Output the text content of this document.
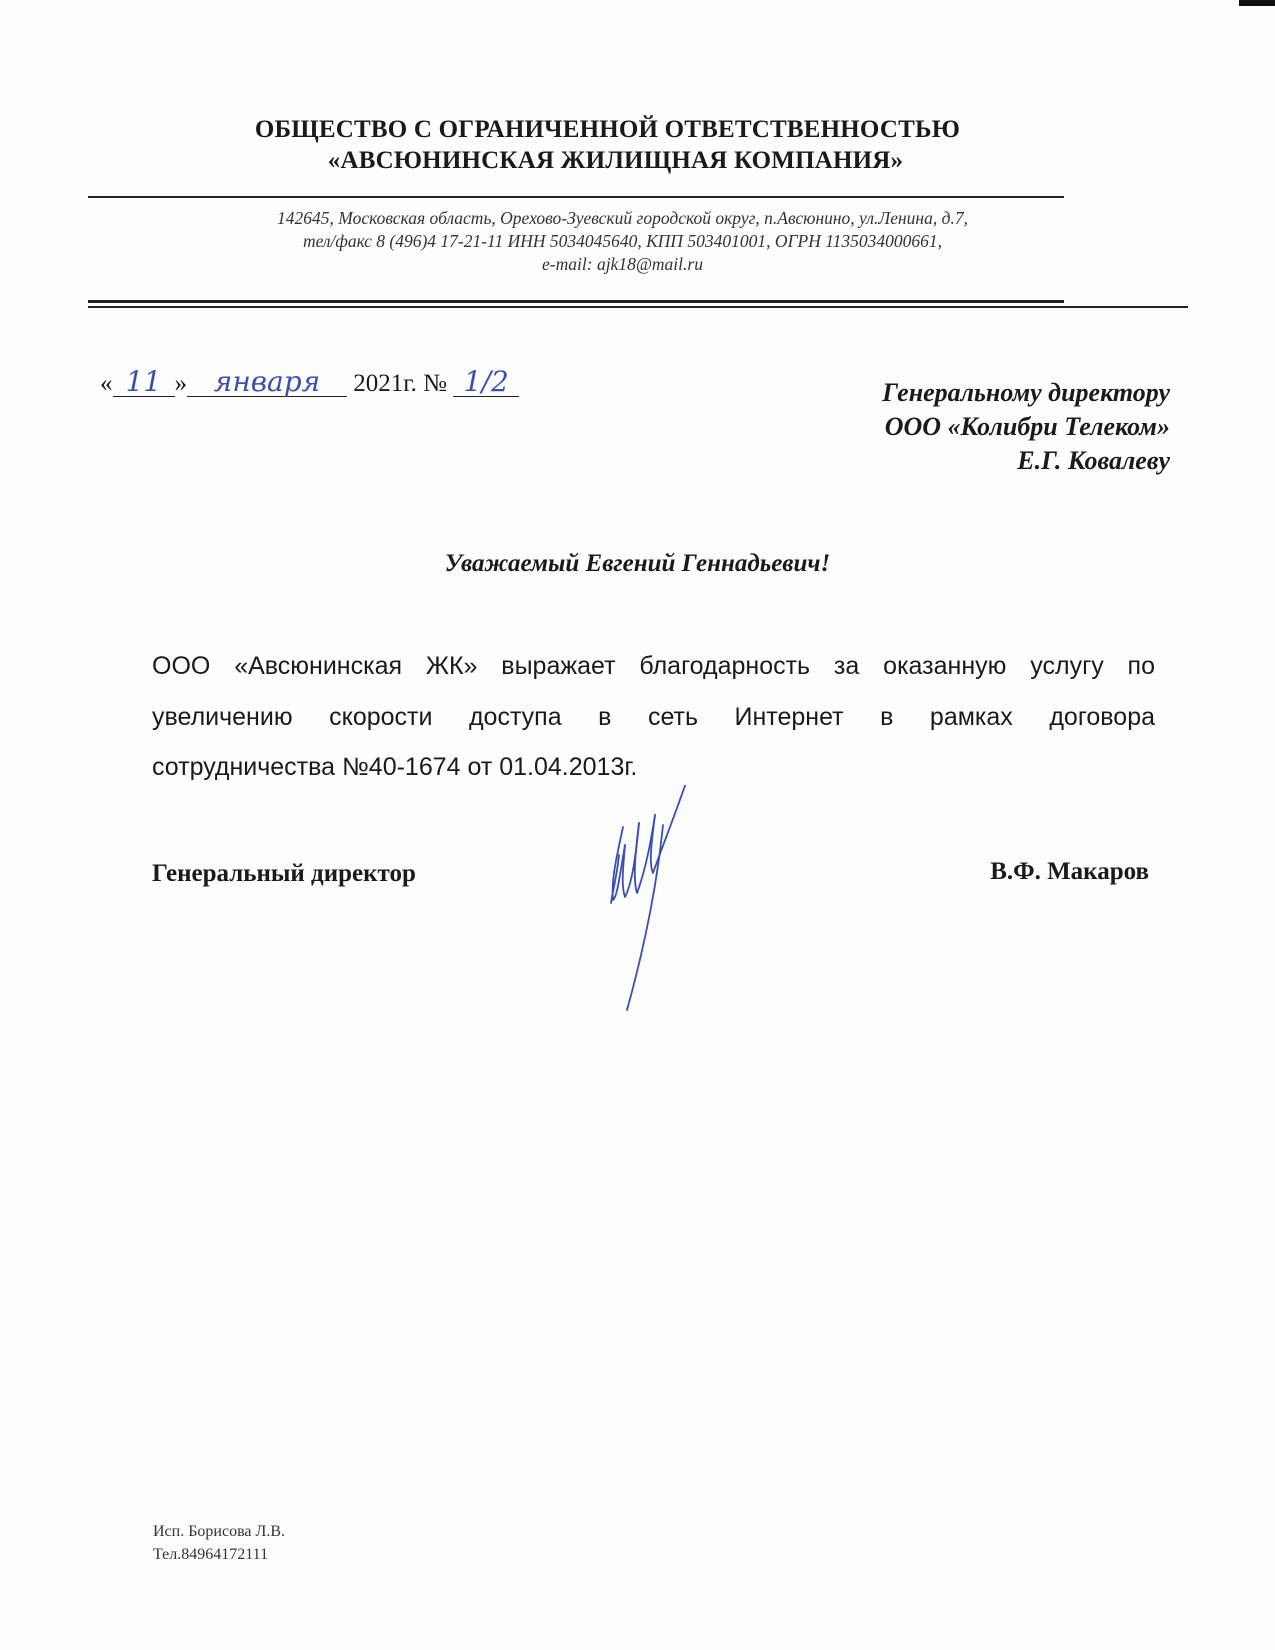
ОБЩЕСТВО С ОГРАНИЧЕННОЙ ОТВЕТСТВЕННОСТЬЮ
«АВСЮНИНСКАЯ ЖИЛИЩНАЯ КОМПАНИЯ»
142645, Московская область, Орехово-Зуевский городской округ, п.Авсюнино, ул.Ленина, д.7,
тел/факс 8 (496)4 17-21-11 ИНН 5034045640, КПП 503401001, ОГРН 1135034000661,
e-mail: ajk18@mail.ru
« 11 » января 2021г. № 1/2	Генеральному директору
ООО «Колибри Телеком»
Е.Г. Ковалеву
Уважаемый Евгений Геннадьевич!
ООО «Авсюнинская ЖК» выражает благодарность за оказанную услугу по
увеличению скорости доступа в сеть Интернет в рамках договора
сотрудничества №40-1674 от 01.04.2013г.
Генеральный директор	В.Ф. Макаров
Исп. Борисова Л.В.
Тел.84964172111
